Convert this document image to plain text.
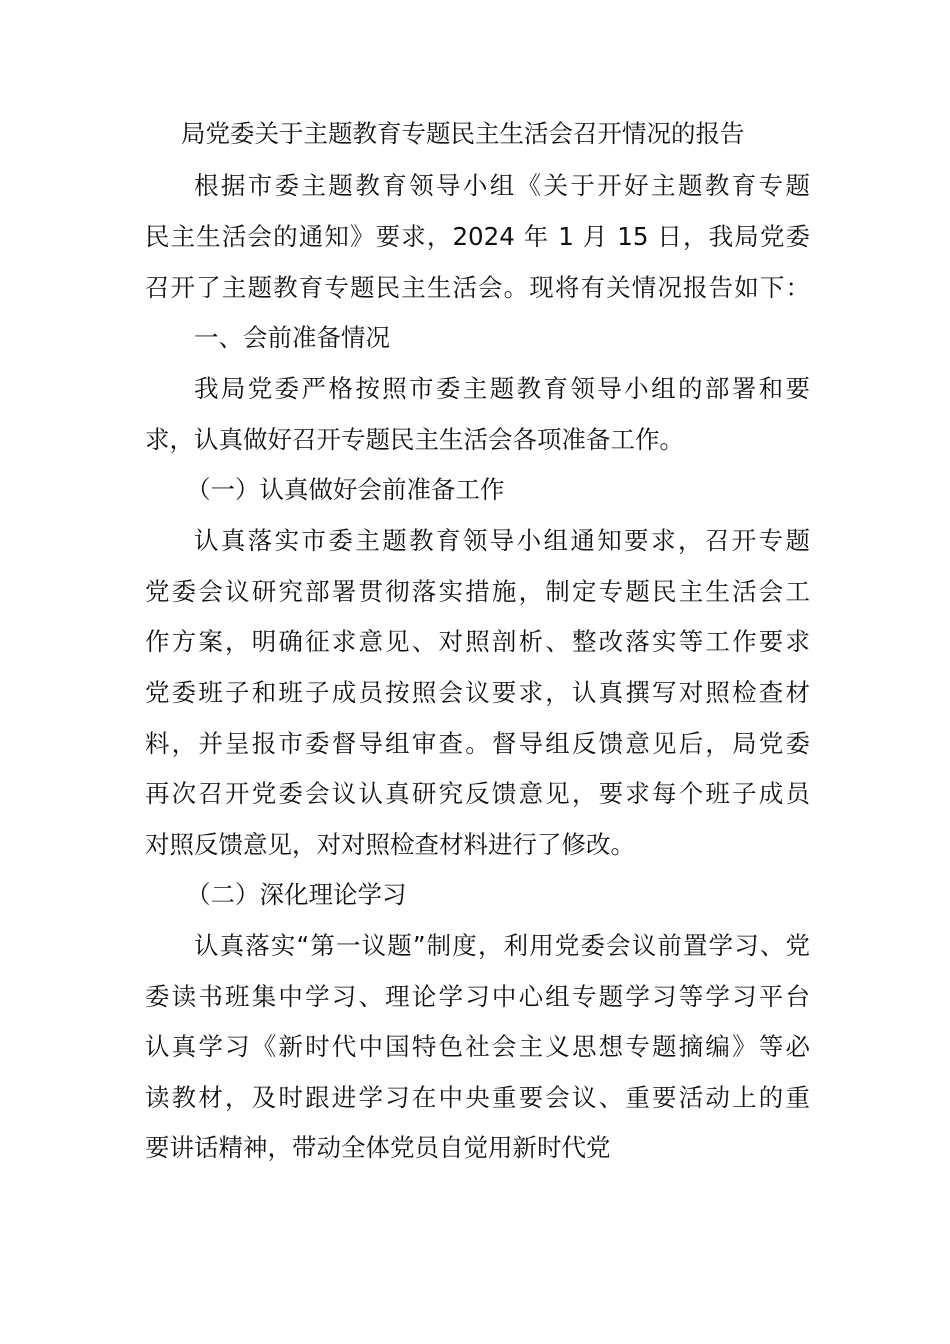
局党委关于主题教育专题民主生活会召开情况的报告
根据市委主题教育领导小组《关于开好主题教育专题
民主生活会的通知》要求，2024 年 1 月 15 日，我局党委
召开了主题教育专题民主生活会。现将有关情况报告如下：
一、会前准备情况
我局党委严格按照市委主题教育领导小组的部署和要
求，认真做好召开专题民主生活会各项准备工作。
（一）认真做好会前准备工作
认真落实市委主题教育领导小组通知要求，召开专题
党委会议研究部署贯彻落实措施，制定专题民主生活会工
作方案，明确征求意见、对照剖析、整改落实等工作要求
党委班子和班子成员按照会议要求，认真撰写对照检查材
料，并呈报市委督导组审查。督导组反馈意见后，局党委
再次召开党委会议认真研究反馈意见，要求每个班子成员
对照反馈意见，对对照检查材料进行了修改。
（二）深化理论学习
认真落实“第一议题”制度，利用党委会议前置学习、党
委读书班集中学习、理论学习中心组专题学习等学习平台
认真学习《新时代中国特色社会主义思想专题摘编》等必
读教材，及时跟进学习在中央重要会议、重要活动上的重
要讲话精神，带动全体党员自觉用新时代党
